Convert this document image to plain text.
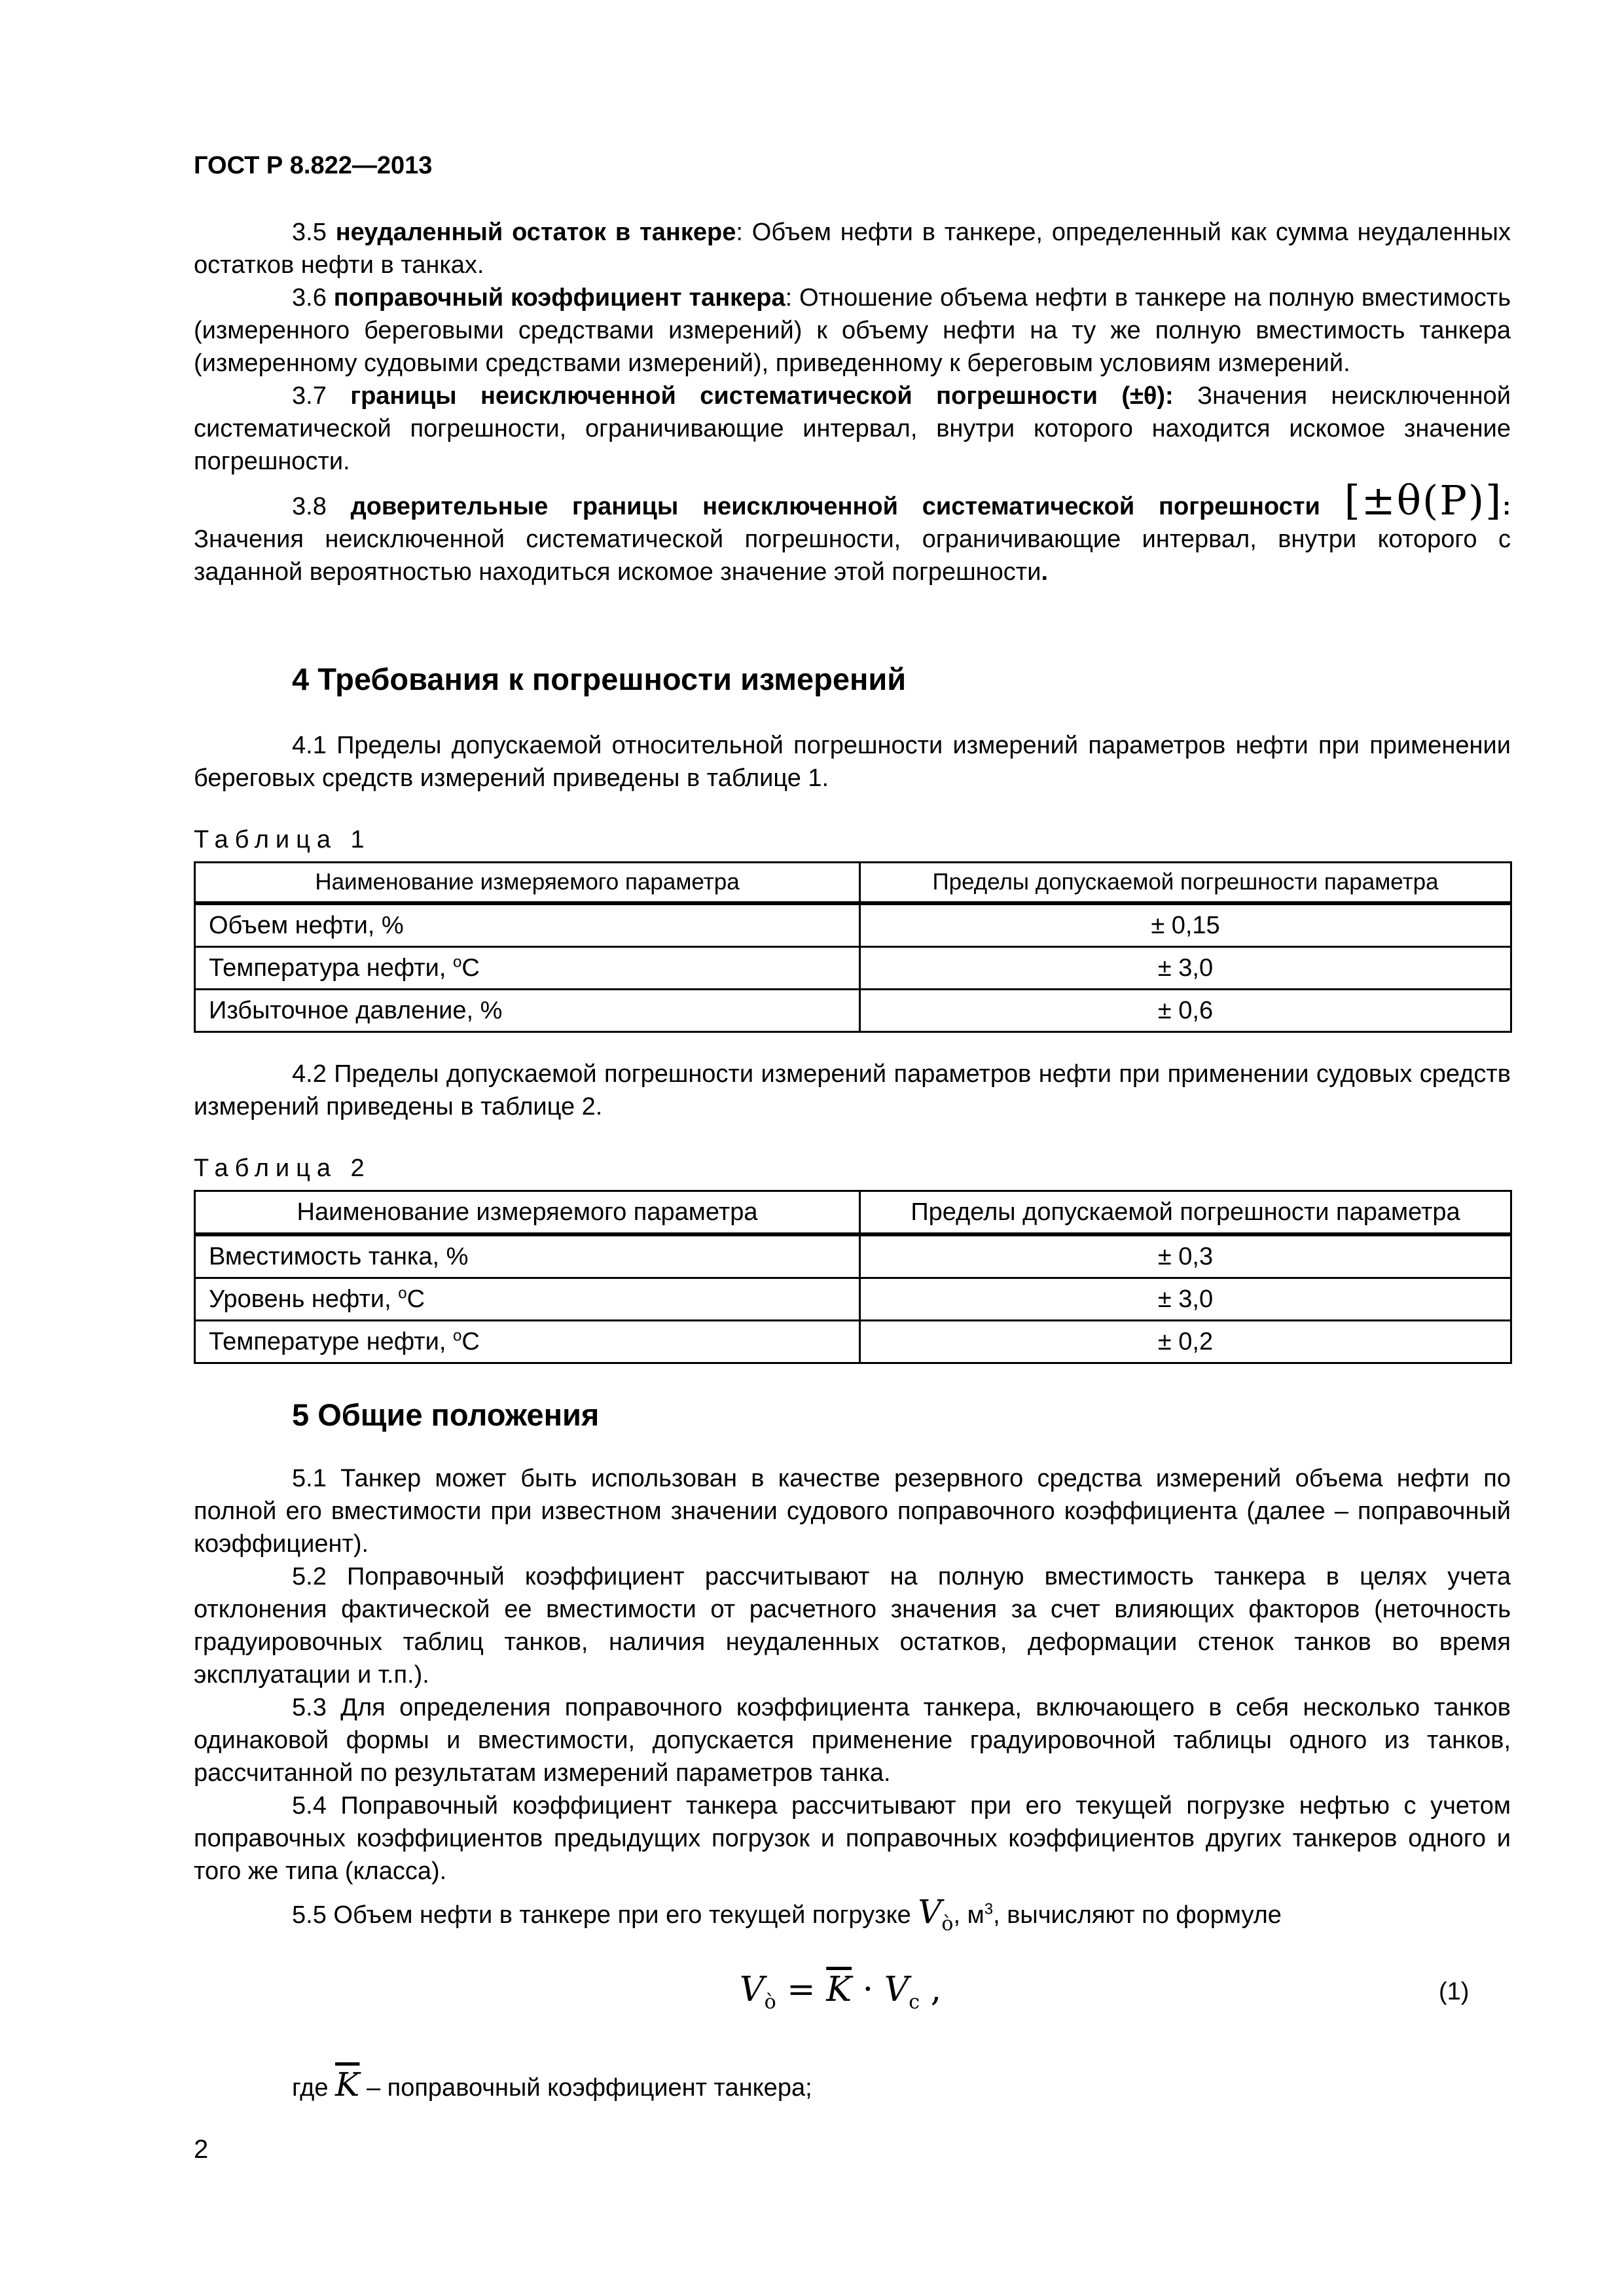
ГОСТ Р 8.822—2013

3.5 неудаленный остаток в танкере: Объем нефти в танкере, определенный как сумма неудаленных остатков нефти в танках.

3.6 поправочный коэффициент танкера: Отношение объема нефти в танкере на полную вместимость (измеренного береговыми средствами измерений) к объему нефти на ту же полную вместимость танкера (измеренному судовыми средствами измерений), приведенному к береговым условиям измерений.

3.7 границы неисключенной систематической погрешности (±θ): Значения неисключенной систематической погрешности, ограничивающие интервал, внутри которого находится искомое значение погрешности.

3.8 доверительные границы неисключенной систематической погрешности [±θ(P)]:

Значения неисключенной систематической погрешности, ограничивающие интервал, внутри которого с заданной вероятностью находиться искомое значение этой погрешности.

4 Требования к погрешности измерений

4.1 Пределы допускаемой относительной погрешности измерений параметров нефти при применении береговых средств измерений приведены в таблице 1.

Таблица 1
Наименование измеряемого параметра	Пределы допускаемой погрешности параметра
Объем нефти, %	± 0,15
Температура нефти, $^o$С	± 3,0
Избыточное давление, %	± 0,6

4.2 Пределы допускаемой погрешности измерений параметров нефти при применении судовых средств измерений приведены в таблице 2.

Таблица 2
Наименование измеряемого параметра	Пределы допускаемой погрешности параметра
Вместимость танка, %	± 0,3
Уровень нефти, $^o$С	± 3,0
Температуре нефти, $^o$С	± 0,2
5 Общие положения

5.1 Танкер может быть использован в качестве резервного средства измерений объема нефти по полной его вместимости при известном значении судового поправочного коэффициента (далее – поправочный коэффициент).

5.2 Поправочный коэффициент рассчитывают на полную вместимость танкера в целях учета отклонения фактической ее вместимости от расчетного значения за счет влияющих факторов (неточность градуировочных таблиц танков, наличия неудаленных остатков, деформации стенок танков во время эксплуатации и т.п.).

5.3 Для определения поправочного коэффициента танкера, включающего в себя несколько танков одинаковой формы и вместимости, допускается применение градуировочной таблицы одного из танков, рассчитанной по результатам измерений параметров танка.

5.4 Поправочный коэффициент танкера рассчитывают при его текущей погрузке нефтью с учетом поправочных коэффициентов предыдущих погрузок и поправочных коэффициентов других танкеров одного и того же типа (класса).

5.5 Объем нефти в танкере при его текущей погрузке $V_ò$, $м^3$, вычисляют по формуле

$V_ò = \overline{K} \cdot V_c$ ,	(1)
где $\overline{K}$ – поправочный коэффициент танкера;
2
